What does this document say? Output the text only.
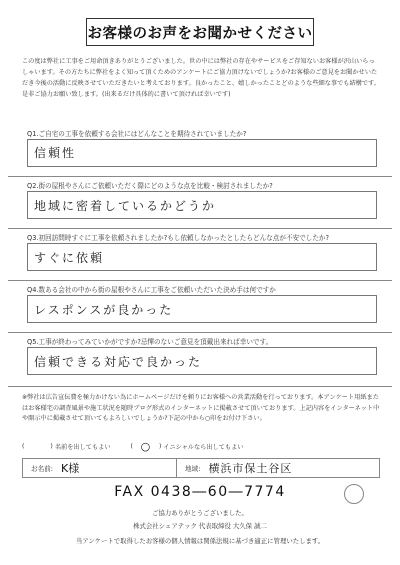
お客様のお声をお聞かせください
この度は弊社に工事をご用命頂きありがとうございました。世の中には弊社の存在やサービスをご存知ないお客様が沢山いらっしゃいます。その方たちに弊社をよく知って頂くためのアンケートにご協力頂けないでしょうか?お客様のご意見をお聞かせいただき今後の活動に反映させていただきたいと考えております。良かったこと、嬉しかったことどのような些細な事でも結構です。是非ご協力お願い致します。(出来るだけ具体的に書いて頂ければ幸いです)
Q1.ご自宅の工事を依頼する会社にはどんなことを期待されていましたか?
信頼性
Q2.街の屋根やさんにご依頼いただく際にどのような点を比較・検討されましたか?
地域に密着しているかどうか
Q3.初回訪問時すぐに工事を依頼されましたか?もし依頼しなかったとしたらどんな点が不安でしたか?
すぐに依頼
Q4.数ある会社の中から街の屋根やさんに工事をご依頼いただいた決め手は何ですか
レスポンスが良かった
Q5.工事が終わってみていかがですか?忌憚のないご意見を頂戴出来れば幸いです。
信頼できる対応で良かった
※弊社は広告宣伝費を極力かけない為にホームページだけを頼りにお客様への営業活動を行っております。本アンケート用紙またはお客様宅の調査風景や施工状況を随時ブログ形式のインターネットに掲載させて頂いております。上記内容をインターネット中や開示中に掲載させて頂いてもよろしいでしょうか?下記の中から○印をお付け下さい。
(	) 名前を出してもよい	( ○	) イニシャルなら出してもよい
お名前: K様	地域: 横浜市保土谷区
FAX 0438―60―7774
ご協力ありがとうございました。
株式会社シェアテック 代表取締役 大久保 誠二
当アンケートで取得したお客様の個人情報は関係法規に基づき適正に管理いたします。
